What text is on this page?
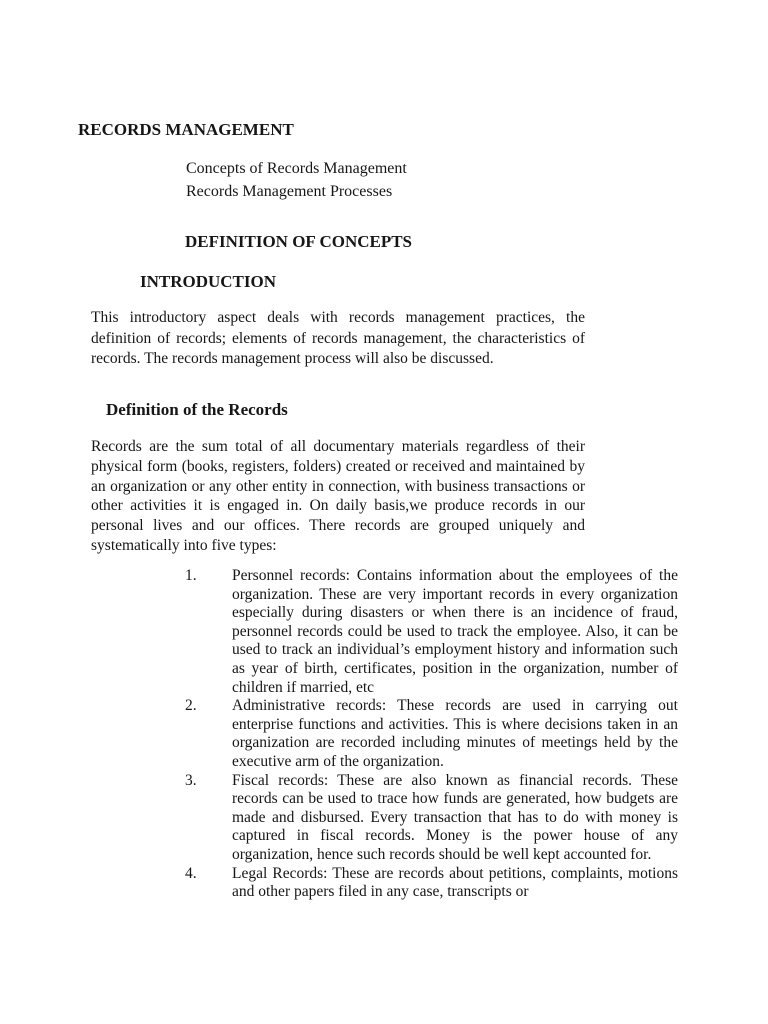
RECORDS MANAGEMENT
Concepts of Records Management
Records Management Processes
DEFINITION OF CONCEPTS
INTRODUCTION
This introductory aspect deals with records management practices, the definition of records; elements of records management, the characteristics of records. The records management process will also be discussed.
Definition of the Records
Records are the sum total of all documentary materials regardless of their physical form (books, registers, folders) created or received and maintained by an organization or any other entity in connection, with business transactions or other activities it is engaged in. On daily basis,we produce records in our personal lives and our offices. There records are grouped uniquely and systematically into five types:
1.	Personnel records: Contains information about the employees of the organization. These are very important records in every organization especially during disasters or when there is an incidence of fraud, personnel records could be used to track the employee. Also, it can be used to track an individual’s employment history and information such as year of birth, certificates, position in the organization, number of children if married, etc
2.	Administrative records: These records are used in carrying out enterprise functions and activities. This is where decisions taken in an organization are recorded including minutes of meetings held by the executive arm of the organization.
3.	Fiscal records: These are also known as financial records. These records can be used to trace how funds are generated, how budgets are made and disbursed. Every transaction that has to do with money is captured in fiscal records. Money is the power house of any organization, hence such records should be well kept accounted for.
4.	Legal Records: These are records about petitions, complaints, motions and other papers filed in any case, transcripts or
